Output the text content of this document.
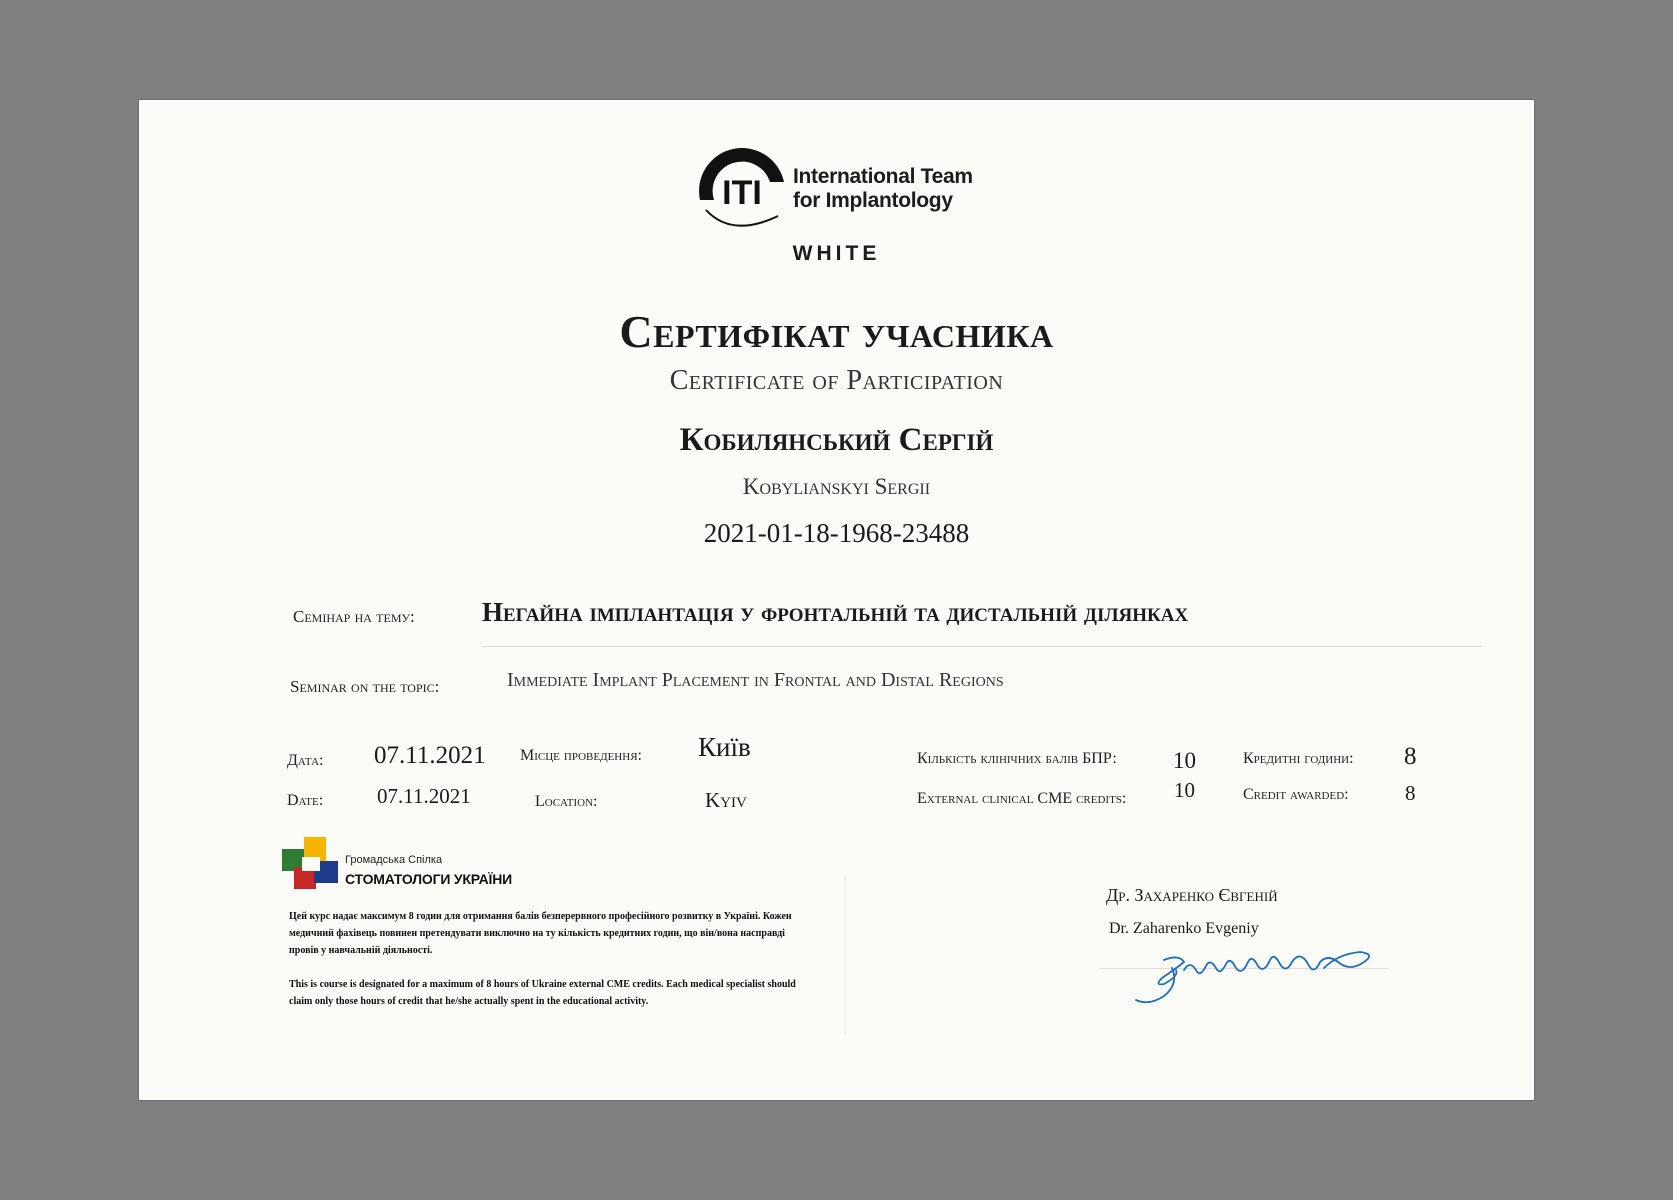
ITI International Team
for Implantology
WHITE
Сертифікат учасника
Certificate of Participation
Кобилянський Сергій
Kobylianskyi Sergii
2021-01-18-1968-23488
Семінар на тему: Негайна імплантація у фронтальній та дистальній ділянках
Seminar on the topic:	Immediate Implant Placement in Frontal and Distal Regions
Дата: 07.11.2021 Місце проведення: Київ	Кількість клінічних балів БПР: 10	Кредитні години: 8
Date:	07.11.2021	Location:	Kyiv	External clinical CME credits: 10	Credit awarded:	8
Громадська Спілка
СТОМАТОЛОГИ УКРАЇНИ
Цей курс надає максимум 8 годин для отримання балів безперервного професійного розвитку в Україні. Кожен медичний фахівець повинен претендувати виключно на ту кількість кредитних годин, що він/вона насправді провів у навчальній діяльності.
This is course is designated for a maximum of 8 hours of Ukraine external CME credits. Each medical specialist should claim only those hours of credit that he/she actually spent in the educational activity.
Др. Захаренко Євгеній
Dr. Zaharenko Evgeniy
